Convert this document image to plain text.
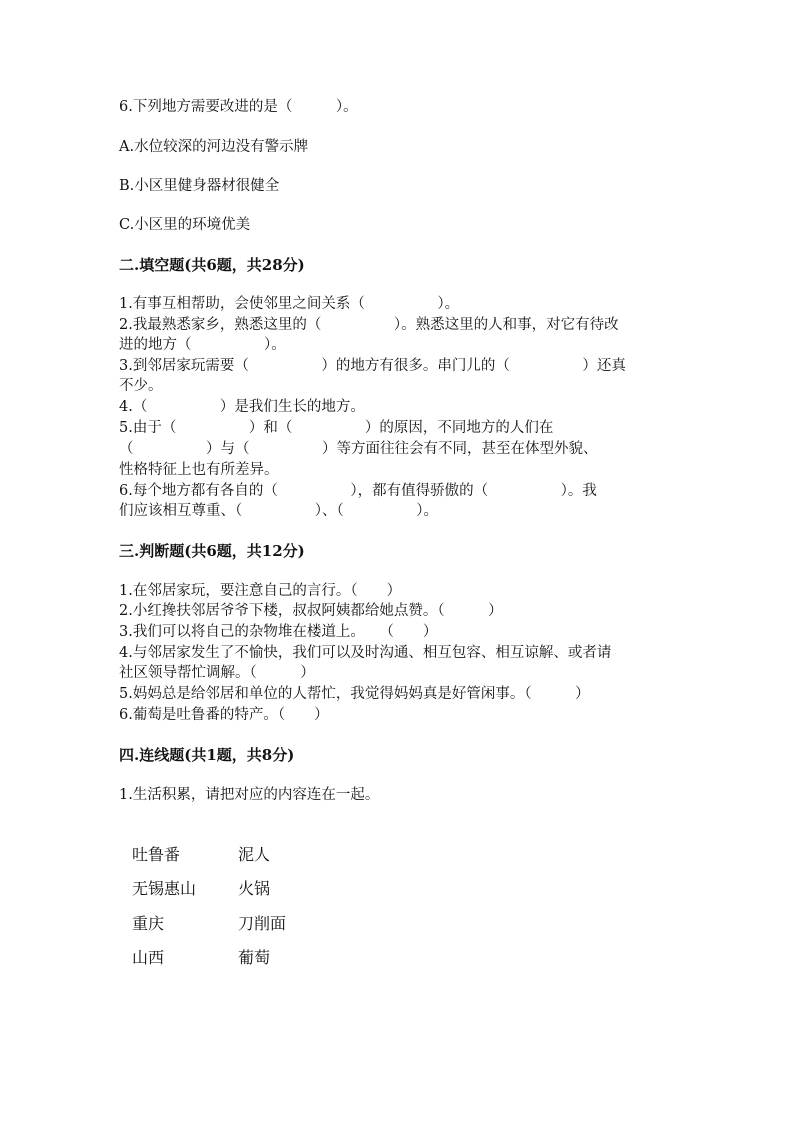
6.下列地方需要改进的是（　　　）。
A.水位较深的河边没有警示牌
B.小区里健身器材很健全
C.小区里的环境优美
二.填空题(共6题，共28分)
1.有事互相帮助，会使邻里之间关系（　　　　　）。
2.我最熟悉家乡，熟悉这里的（　　　　　）。熟悉这里的人和事，对它有待改
进的地方（　　　　　）。
3.到邻居家玩需要（　　　　　）的地方有很多。串门儿的（　　　　　）还真
不少。
4.（　　　　　）是我们生长的地方。
5.由于（　　　　　）和（　　　　　）的原因，不同地方的人们在
（　　　　　）与（　　　　　）等方面往往会有不同，甚至在体型外貌、
性格特征上也有所差异。
6.每个地方都有各自的（　　　　　），都有值得骄傲的（　　　　　）。我
们应该相互尊重、（　　　　　）、（　　　　　）。
三.判断题(共6题，共12分)
1.在邻居家玩，要注意自己的言行。（　　）
2.小红搀扶邻居爷爷下楼，叔叔阿姨都给她点赞。（　　　）
3.我们可以将自己的杂物堆在楼道上。　　（　　）
4.与邻居家发生了不愉快，我们可以及时沟通、相互包容、相互谅解、或者请
社区领导帮忙调解。（　　　）
5.妈妈总是给邻居和单位的人帮忙，我觉得妈妈真是好管闲事。（　　　）
6.葡萄是吐鲁番的特产。（　　）
四.连线题(共1题，共8分)
1.生活积累，请把对应的内容连在一起。
吐鲁番	泥人
无锡惠山	火锅
重庆	刀削面
山西	葡萄
